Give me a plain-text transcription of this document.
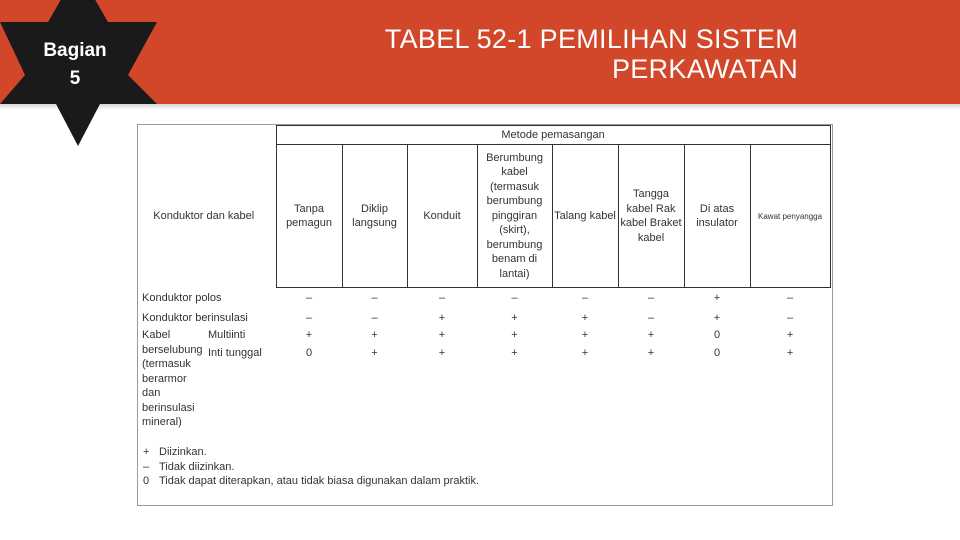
Bagian
5
TABEL 52-1 PEMILIHAN SISTEM
PERKAWATAN
		Metode pemasangan							
Konduktor dan kabel		Tanpa pemagun	Diklip langsung	Konduit	Berumbung kabel (termasuk berumbung pinggiran (skirt), berumbung benam di lantai)	Talang kabel	Tangga kabel Rak kabel Braket kabel	Di atas insulator	Kawat penyangga
Konduktor polos		–	–	–	–	–	–	+	–
Konduktor berinsulasi		–	–	+	+	+	–	+	–
Kabel berselubung (termasuk berarmor dan berinsulasi mineral)	Multiinti	+	+	+	+	+	+	0	+
	Inti tunggal	0	+	+	+	+	+	0	+
+ Diizinkan.
– Tidak diizinkan.
0 Tidak dapat diterapkan, atau tidak biasa digunakan dalam praktik.
